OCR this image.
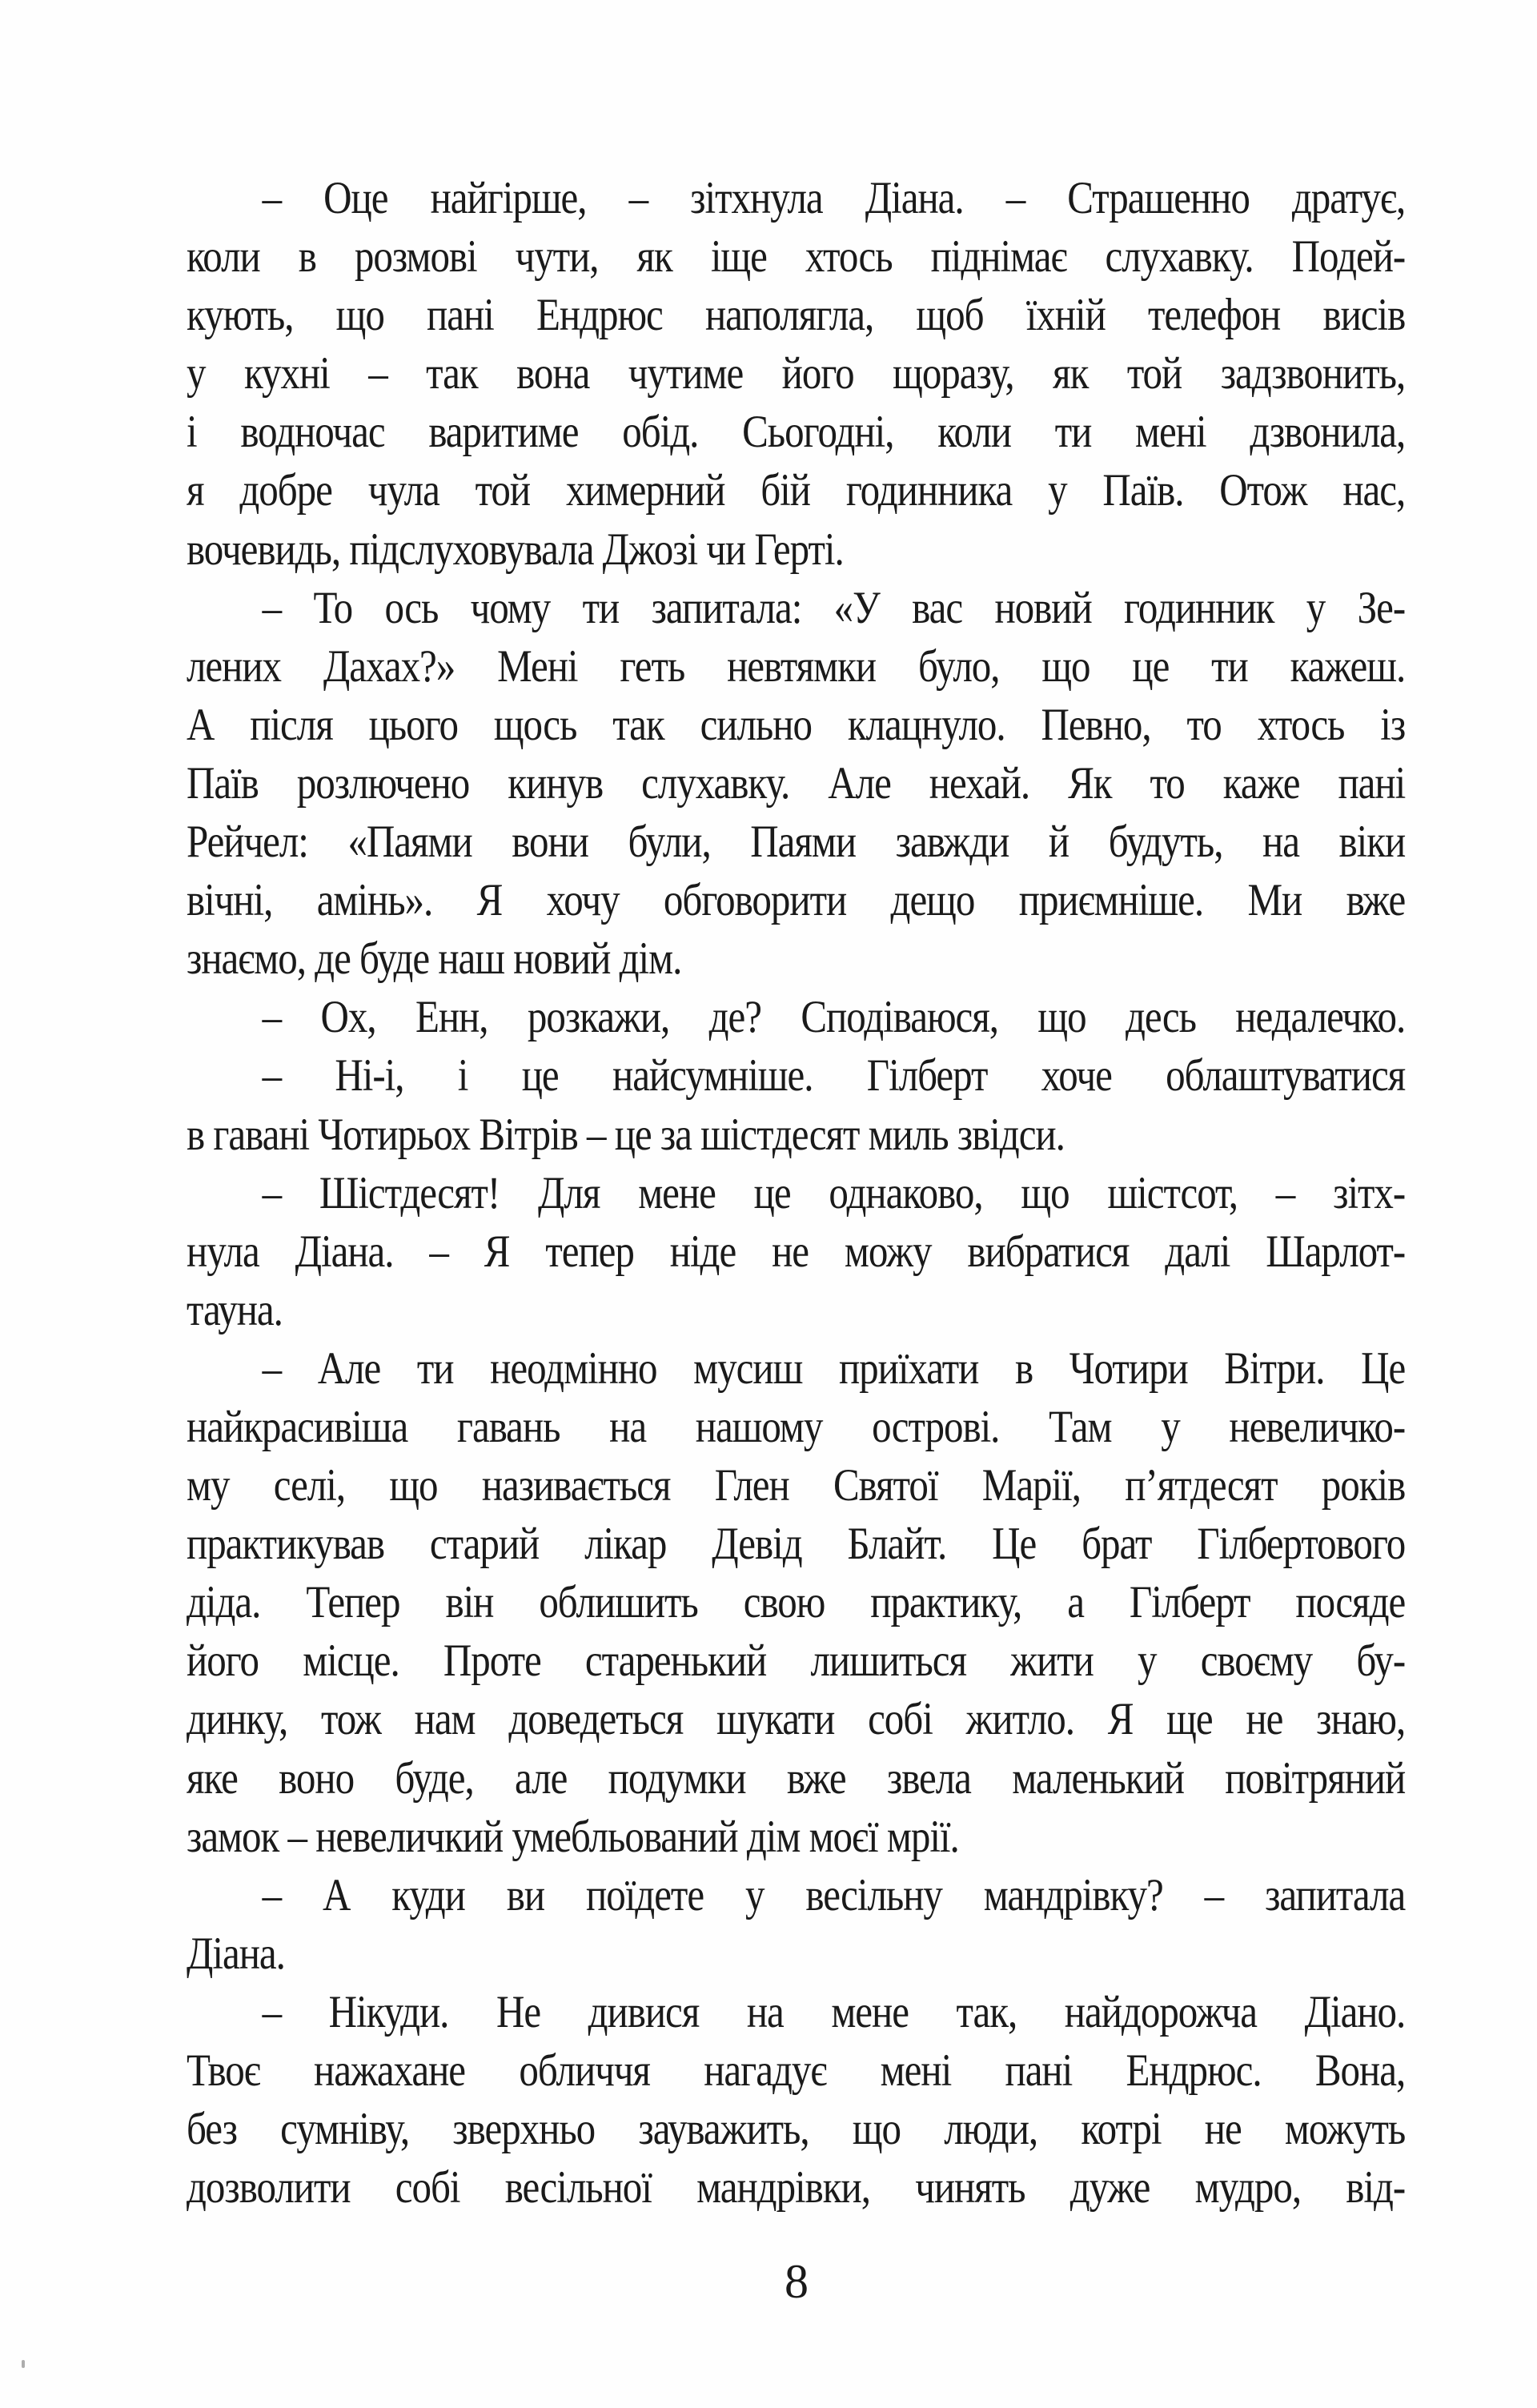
– Оце найгірше, – зітхнула Діана. – Страшенно дратує,
коли в розмові чути, як іще хтось піднімає слухавку. Подей-
кують, що пані Ендрюс наполягла, щоб їхній телефон висів
у кухні – так вона чутиме його щоразу, як той задзвонить,
і водночас варитиме обід. Сьогодні, коли ти мені дзвонила,
я добре чула той химерний бій годинника у Паїв. Отож нас,
вочевидь, підслуховувала Джозі чи Герті.
– То ось чому ти запитала: «У вас новий годинник у Зе-
лених Дахах?» Мені геть невтямки було, що це ти кажеш.
А після цього щось так сильно клацнуло. Певно, то хтось із
Паїв розлючено кинув слухавку. Але нехай. Як то каже пані
Рейчел: «Паями вони були, Паями завжди й будуть, на віки
вічні, амінь». Я хочу обговорити дещо приємніше. Ми вже
знаємо, де буде наш новий дім.
– Ох, Енн, розкажи, де? Сподіваюся, що десь недалечко.
– Ні-і, і це найсумніше. Гілберт хоче облаштуватися
в гавані Чотирьох Вітрів – це за шістдесят миль звідси.
– Шістдесят! Для мене це однаково, що шістсот, – зітх-
нула Діана. – Я тепер ніде не можу вибратися далі Шарлот-
тауна.
– Але ти неодмінно мусиш приїхати в Чотири Вітри. Це
найкрасивіша гавань на нашому острові. Там у невеличко-
му селі, що називається Глен Святої Марії, п’ятдесят років
практикував старий лікар Девід Блайт. Це брат Гілбертового
діда. Тепер він облишить свою практику, а Гілберт посяде
його місце. Проте старенький лишиться жити у своєму бу-
динку, тож нам доведеться шукати собі житло. Я ще не знаю,
яке воно буде, але подумки вже звела маленький повітряний
замок – невеличкий умебльований дім моєї мрії.
– А куди ви поїдете у весільну мандрівку? – запитала
Діана.
– Нікуди. Не дивися на мене так, найдорожча Діано.
Твоє нажахане обличчя нагадує мені пані Ендрюс. Вона,
без сумніву, зверхньо зауважить, що люди, котрі не можуть
дозволити собі весільної мандрівки, чинять дуже мудро, від-
8
